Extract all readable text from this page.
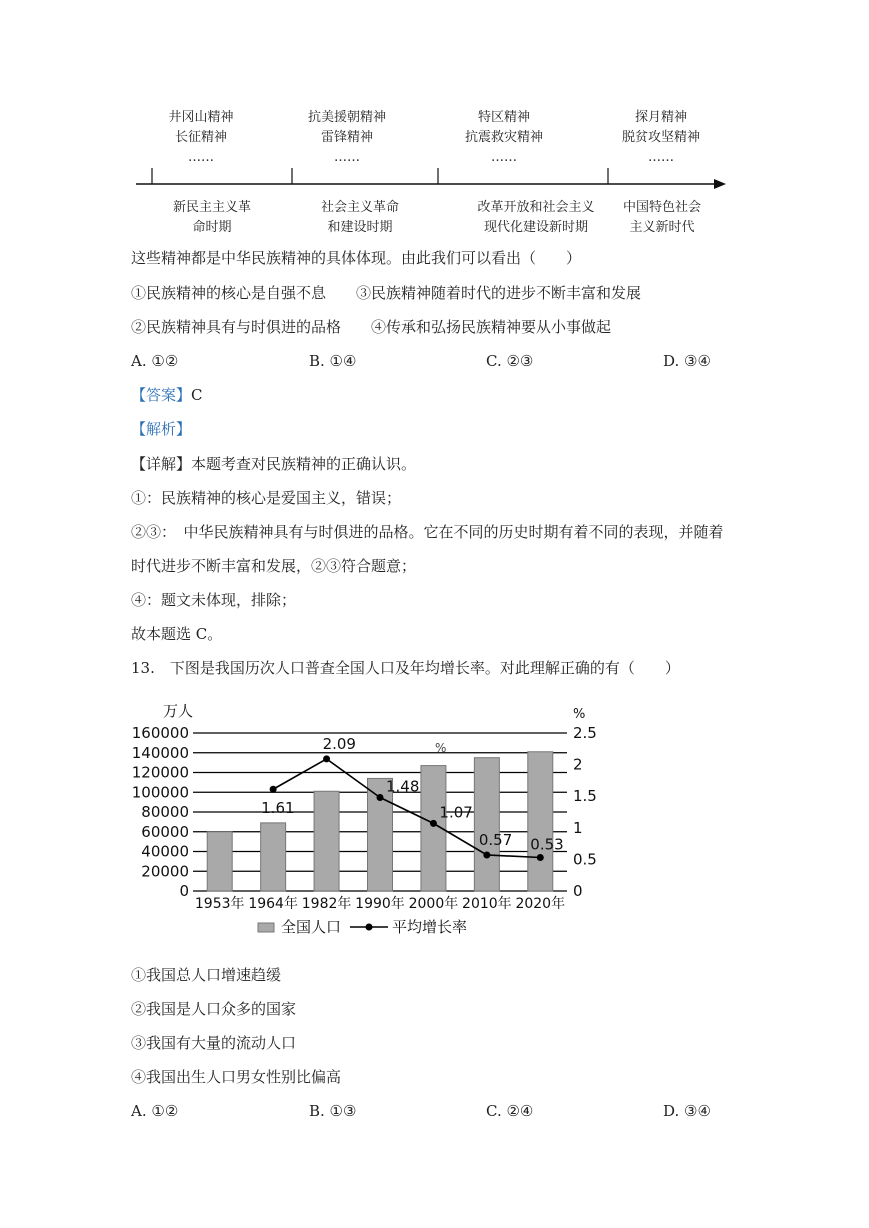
井冈山精神
长征精神
……
抗美援朝精神
雷锋精神
……
特区精神
抗震救灾精神
……
探月精神
脱贫攻坚精神
……
新民主主义革
命时期
社会主义革命
和建设时期
改革开放和社会主义
现代化建设新时期
中国特色社会
主义新时代
这些精神都是中华民族精神的具体体现。由此我们可以看出（　　）
①民族精神的核心是自强不息　　③民族精神随着时代的进步不断丰富和发展
②民族精神具有与时俱进的品格　　④传承和弘扬民族精神要从小事做起
A. ①②	B. ①④	C. ②③	D. ③④
【答案】C
【解析】
【详解】本题考查对民族精神的正确认识。
①：民族精神的核心是爱国主义，错误；
②③：　中华民族精神具有与时俱进的品格。它在不同的历史时期有着不同的表现，并随着
时代进步不断丰富和发展，②③符合题意；
④：题文未体现，排除；
故本题选 C。
13.　下图是我国历次人口普查全国人口及年均增长率。对此理解正确的有（　　）
0
20000
40000
60000
80000
100000
120000
140000
160000
0
0.5
1
1.5
2
2.5
万人	%
%
1953年 1964年 1982年 1990年 2000年 2010年 2020年
1.61
2.09
1.48
1.07
0.57 0.53
全国人口	平均增长率
①我国总人口增速趋缓
②我国是人口众多的国家
③我国有大量的流动人口
④我国出生人口男女性别比偏高
A. ①②	B. ①③	C. ②④	D. ③④
